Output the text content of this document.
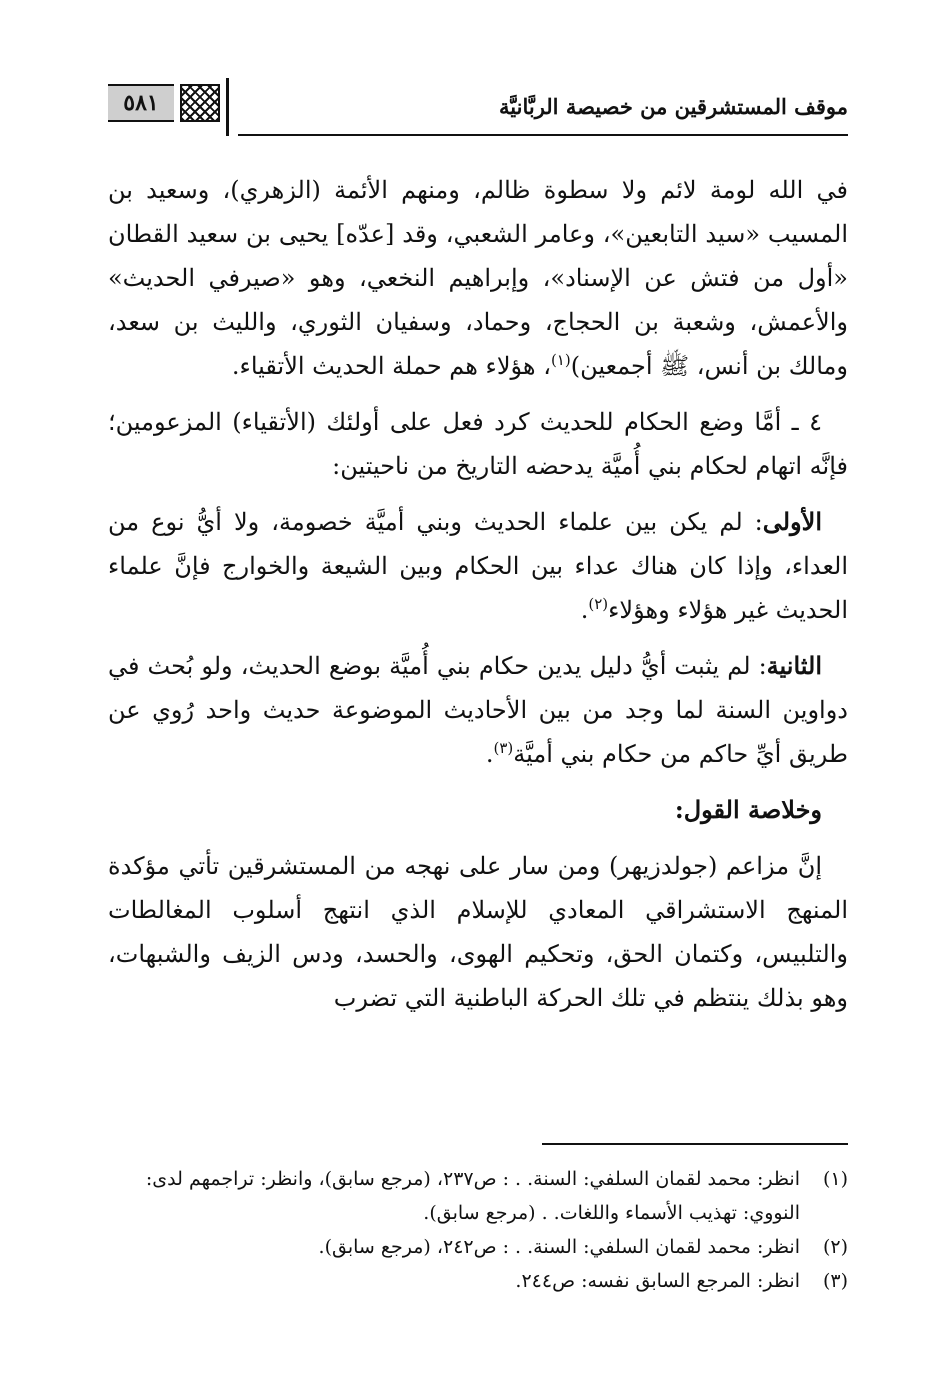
موقف المستشرقين من خصيصة الربَّانيَّة
٥٨١

في الله لومة لائم ولا سطوة ظالم، ومنهم الأئمة (الزهري)، وسعيد بن المسيب «سيد التابعين»، وعامر الشعبي، وقد [عدّه] يحيى بن سعيد القطان «أول من فتش عن الإسناد»، وإبراهيم النخعي، وهو «صيرفي الحديث» والأعمش، وشعبة بن الحجاج، وحماد، وسفيان الثوري، والليث بن سعد، ومالك بن أنس، ﷺ أجمعين)$^{(١)}$، هؤلاء هم حملة الحديث الأتقياء.

٤ ـ أمَّا وضع الحكام للحديث كرد فعل على أولئك (الأتقياء) المزعومين؛ فإنَّه اتهام لحكام بني أُميَّة يدحضه التاريخ من ناحيتين:

الأولى: لم يكن بين علماء الحديث وبني أميَّة خصومة، ولا أيُّ نوع من العداء، وإذا كان هناك عداء بين الحكام وبين الشيعة والخوارج فإنَّ علماء الحديث غير هؤلاء وهؤلاء$^{(٢)}$.

الثانية: لم يثبت أيُّ دليل يدين حكام بني أُميَّة بوضع الحديث، ولو بُحث في دواوين السنة لما وجد من بين الأحاديث الموضوعة حديث واحد رُوي عن طريق أيِّ حاكم من حكام بني أميَّة$^{(٣)}$.

وخلاصة القول:

إنَّ مزاعم (جولدزيهر) ومن سار على نهجه من المستشرقين تأتي مؤكدة المنهج الاستشراقي المعادي للإسلام الذي انتهج أسلوب المغالطات والتلبيس، وكتمان الحق، وتحكيم الهوى، والحسد، ودس الزيف والشبهات، وهو بذلك ينتظم في تلك الحركة الباطنية التي تضرب

(١)
انظر: محمد لقمان السلفي: السنة. . : ص٢٣٧، (مرجع سابق)، وانظر: تراجمهم لدى: النووي: تهذيب الأسماء واللغات. . (مرجع سابق).
(٢)
انظر: محمد لقمان السلفي: السنة. . : ص٢٤٢، (مرجع سابق).
(٣)
انظر: المرجع السابق نفسه: ص٢٤٤.
